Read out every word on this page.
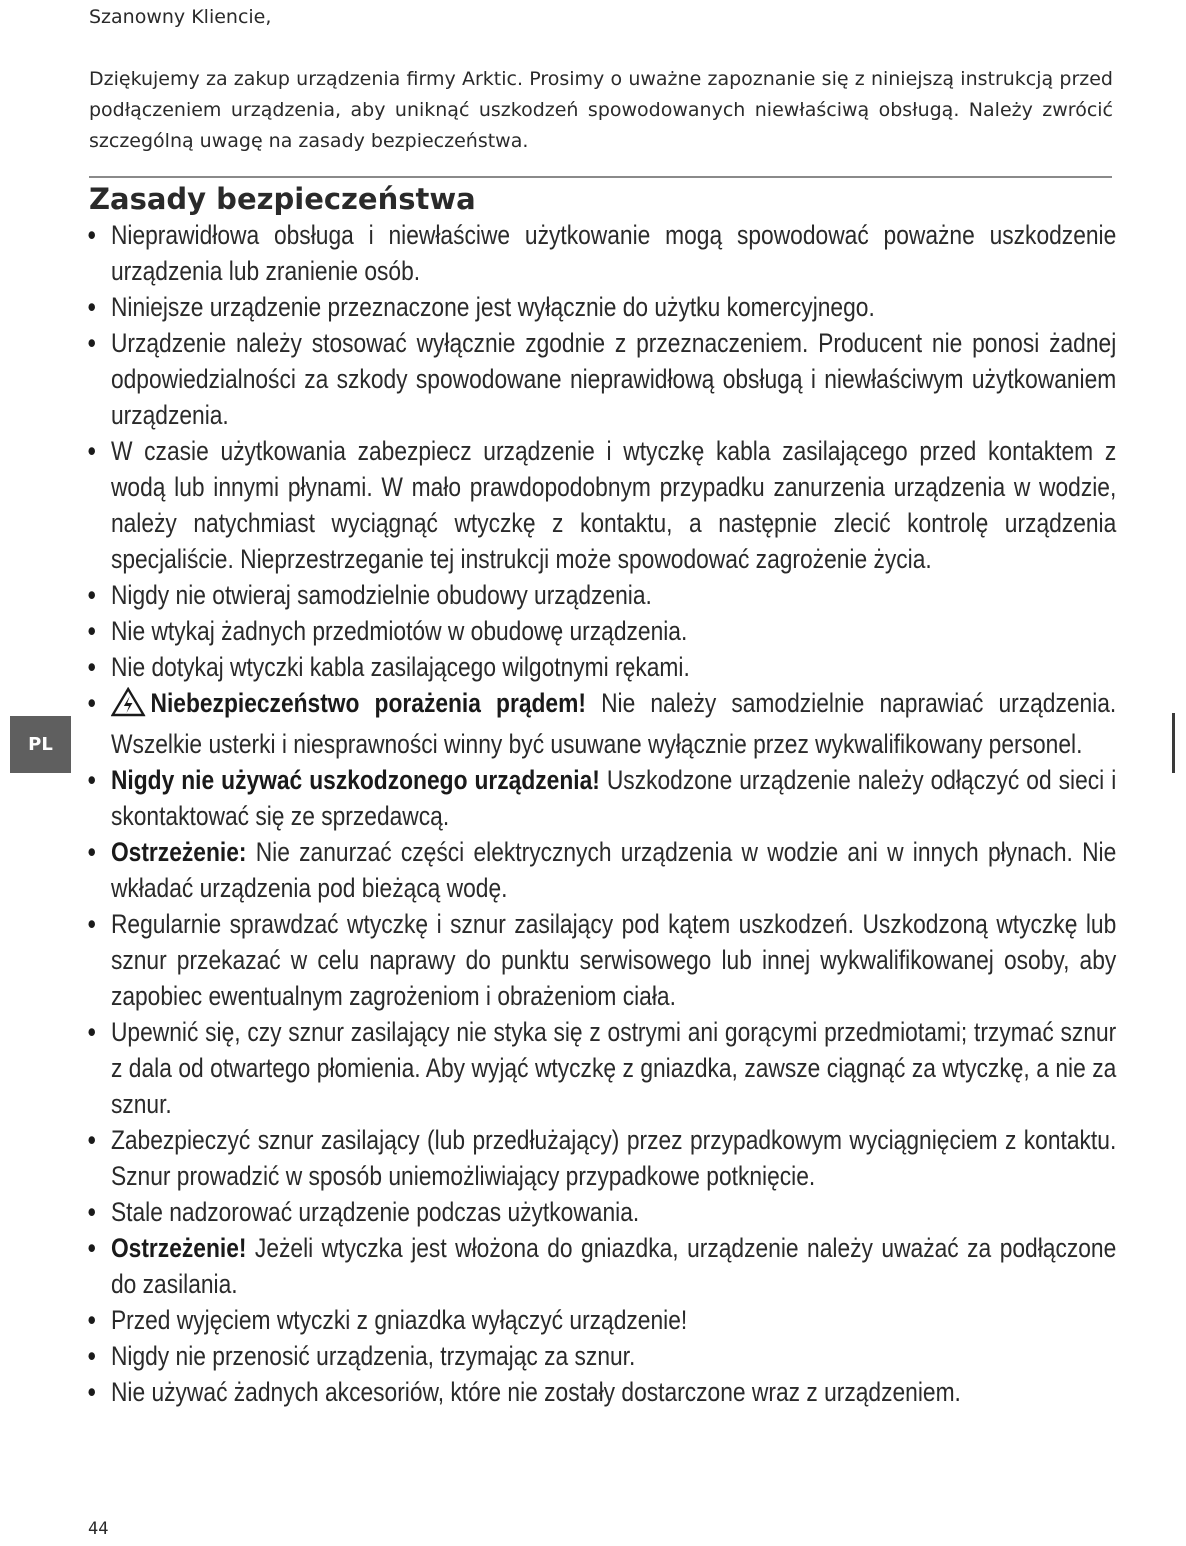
Szanowny Kliencie,
Dziękujemy za zakup urządzenia firmy Arktic. Prosimy o uważne zapoznanie się z niniejszą instrukcją przed podłączeniem urządzenia, aby uniknąć uszkodzeń spowodowanych niewłaściwą obsługą. Należy zwrócić szczególną uwagę na zasady bezpieczeństwa.
Zasady bezpieczeństwa
• Nieprawidłowa obsługa i niewłaściwe użytkowanie mogą spowodować poważne uszkodzenie urządzenia lub zranienie osób.
• Niniejsze urządzenie przeznaczone jest wyłącznie do użytku komercyjnego.
• Urządzenie należy stosować wyłącznie zgodnie z przeznaczeniem. Producent nie ponosi żadnej odpowiedzialności za szkody spowodowane nieprawidłową obsługą i niewłaściwym użytkowaniem urządzenia.
• W czasie użytkowania zabezpiecz urządzenie i wtyczkę kabla zasilającego przed kontaktem z wodą lub innymi płynami. W mało prawdopodobnym przypadku zanurzenia urządzenia w wodzie, należy natychmiast wyciągnąć wtyczkę z kontaktu, a następnie zlecić kontrolę urządzenia specjaliście. Nieprzestrzeganie tej instrukcji może spowodować zagrożenie życia.
• Nigdy nie otwieraj samodzielnie obudowy urządzenia.
• Nie wtykaj żadnych przedmiotów w obudowę urządzenia.
• Nie dotykaj wtyczki kabla zasilającego wilgotnymi rękami.
• Niebezpieczeństwo porażenia prądem! Nie należy samodzielnie naprawiać urządzenia. Wszelkie usterki i niesprawności winny być usuwane wyłącznie przez wykwalifikowany personel.
• Nigdy nie używać uszkodzonego urządzenia! Uszkodzone urządzenie należy odłączyć od sieci i skontaktować się ze sprzedawcą.
• Ostrzeżenie: Nie zanurzać części elektrycznych urządzenia w wodzie ani w innych płynach. Nie wkładać urządzenia pod bieżącą wodę.
• Regularnie sprawdzać wtyczkę i sznur zasilający pod kątem uszkodzeń. Uszkodzoną wtyczkę lub sznur przekazać w celu naprawy do punktu serwisowego lub innej wykwalifikowanej osoby, aby zapobiec ewentualnym zagrożeniom i obrażeniom ciała.
• Upewnić się, czy sznur zasilający nie styka się z ostrymi ani gorącymi przedmiotami; trzymać sznur z dala od otwartego płomienia. Aby wyjąć wtyczkę z gniazdka, zawsze ciągnąć za wtyczkę, a nie za sznur.
• Zabezpieczyć sznur zasilający (lub przedłużający) przez przypadkowym wyciągnięciem z kontaktu. Sznur prowadzić w sposób uniemożliwiający przypadkowe potknięcie.
• Stale nadzorować urządzenie podczas użytkowania.
• Ostrzeżenie! Jeżeli wtyczka jest włożona do gniazdka, urządzenie należy uważać za podłączone do zasilania.
• Przed wyjęciem wtyczki z gniazdka wyłączyć urządzenie!
• Nigdy nie przenosić urządzenia, trzymając za sznur.
• Nie używać żadnych akcesoriów, które nie zostały dostarczone wraz z urządzeniem.
PL
44
